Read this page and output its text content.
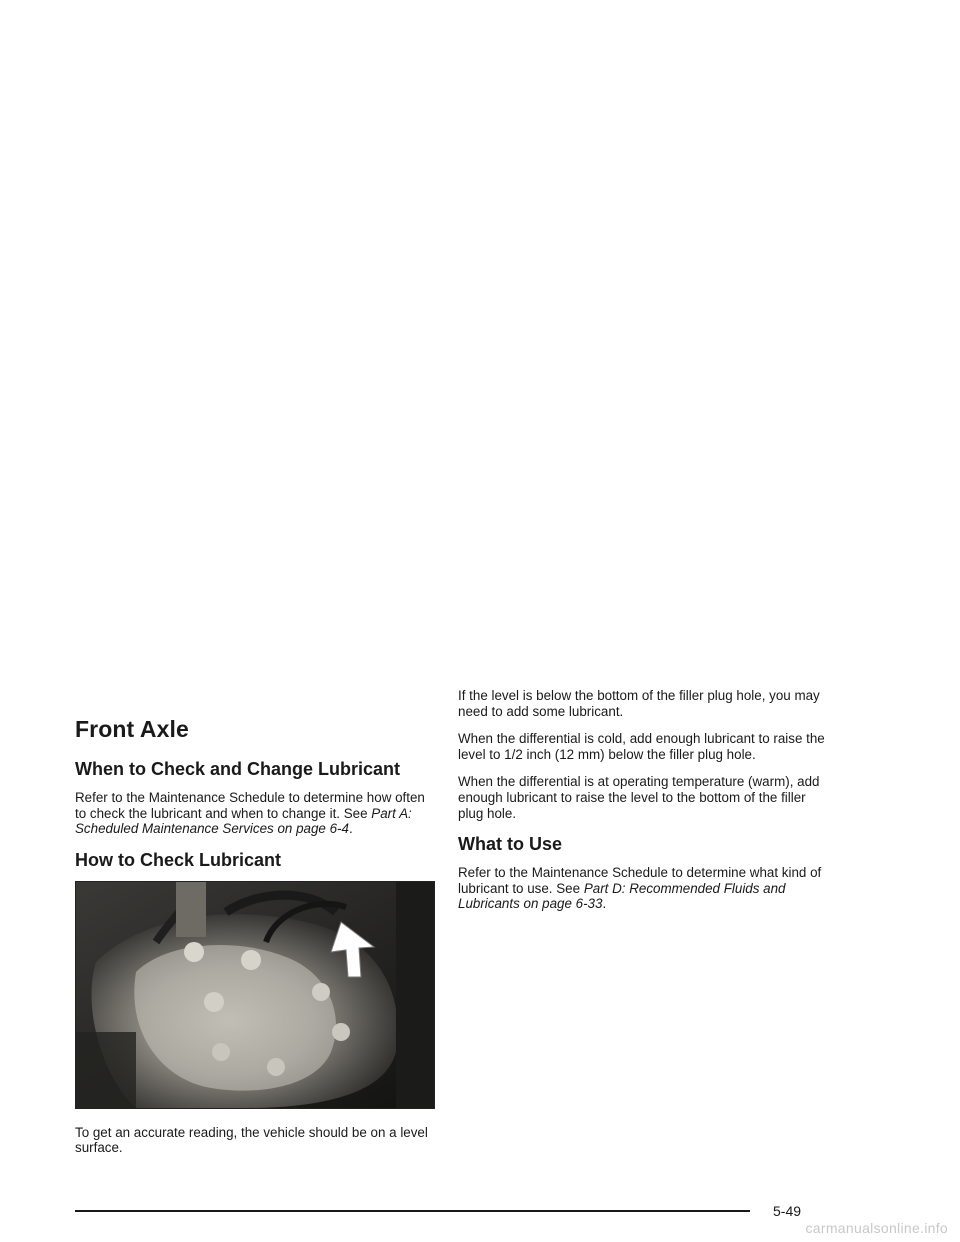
Front Axle
When to Check and Change Lubricant

Refer to the Maintenance Schedule to determine how often to check the lubricant and when to change it. See Part A: Scheduled Maintenance Services on page 6-4.

How to Check Lubricant

To get an accurate reading, the vehicle should be on a level surface.

If the level is below the bottom of the filler plug hole, you may need to add some lubricant.

When the differential is cold, add enough lubricant to raise the level to 1/2 inch (12 mm) below the filler plug hole.

When the differential is at operating temperature (warm), add enough lubricant to raise the level to the bottom of the filler plug hole.

What to Use

Refer to the Maintenance Schedule to determine what kind of lubricant to use. See Part D: Recommended Fluids and Lubricants on page 6-33.

5-49
carmanualsonline.info
